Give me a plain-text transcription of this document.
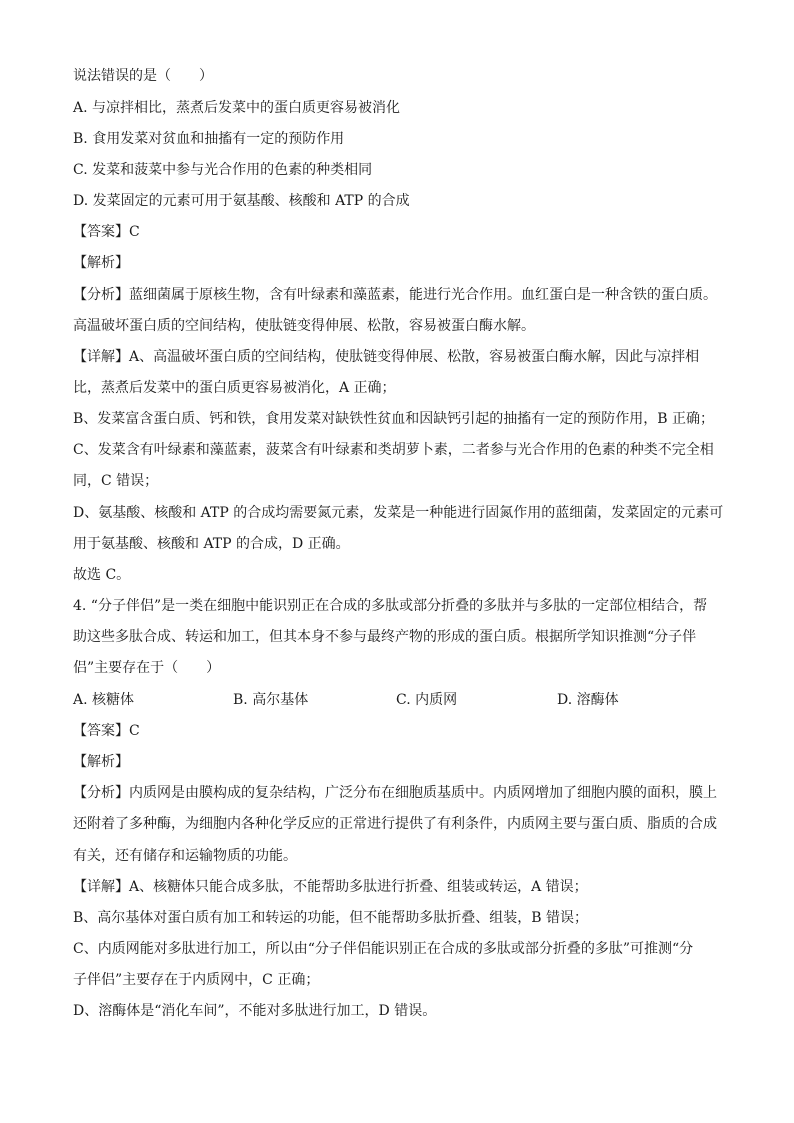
说法错误的是（　　）
A. 与凉拌相比，蒸煮后发菜中的蛋白质更容易被消化
B. 食用发菜对贫血和抽搐有一定的预防作用
C. 发菜和菠菜中参与光合作用的色素的种类相同
D. 发菜固定的元素可用于氨基酸、核酸和 ATP 的合成
【答案】C
【解析】
【分析】蓝细菌属于原核生物，含有叶绿素和藻蓝素，能进行光合作用。血红蛋白是一种含铁的蛋白质。
高温破坏蛋白质的空间结构，使肽链变得伸展、松散，容易被蛋白酶水解。
【详解】A、高温破坏蛋白质的空间结构，使肽链变得伸展、松散，容易被蛋白酶水解，因此与凉拌相
比，蒸煮后发菜中的蛋白质更容易被消化，A 正确；
B、发菜富含蛋白质、钙和铁，食用发菜对缺铁性贫血和因缺钙引起的抽搐有一定的预防作用，B 正确；
C、发菜含有叶绿素和藻蓝素，菠菜含有叶绿素和类胡萝卜素，二者参与光合作用的色素的种类不完全相
同，C 错误；
D、氨基酸、核酸和 ATP 的合成均需要氮元素，发菜是一种能进行固氮作用的蓝细菌，发菜固定的元素可
用于氨基酸、核酸和 ATP 的合成，D 正确。
故选 C。
4. “分子伴侣”是一类在细胞中能识别正在合成的多肽或部分折叠的多肽并与多肽的一定部位相结合，帮
助这些多肽合成、转运和加工，但其本身不参与最终产物的形成的蛋白质。根据所学知识推测“分子伴
侣”主要存在于（　　）
A. 核糖体	B. 高尔基体	C. 内质网	D. 溶酶体
【答案】C
【解析】
【分析】内质网是由膜构成的复杂结构，广泛分布在细胞质基质中。内质网增加了细胞内膜的面积，膜上
还附着了多种酶，为细胞内各种化学反应的正常进行提供了有利条件，内质网主要与蛋白质、脂质的合成
有关，还有储存和运输物质的功能。
【详解】A、核糖体只能合成多肽，不能帮助多肽进行折叠、组装或转运，A 错误；
B、高尔基体对蛋白质有加工和转运的功能，但不能帮助多肽折叠、组装，B 错误；
C、内质网能对多肽进行加工，所以由“分子伴侣能识别正在合成的多肽或部分折叠的多肽”可推测“分
子伴侣”主要存在于内质网中，C 正确；
D、溶酶体是“消化车间”，不能对多肽进行加工，D 错误。
